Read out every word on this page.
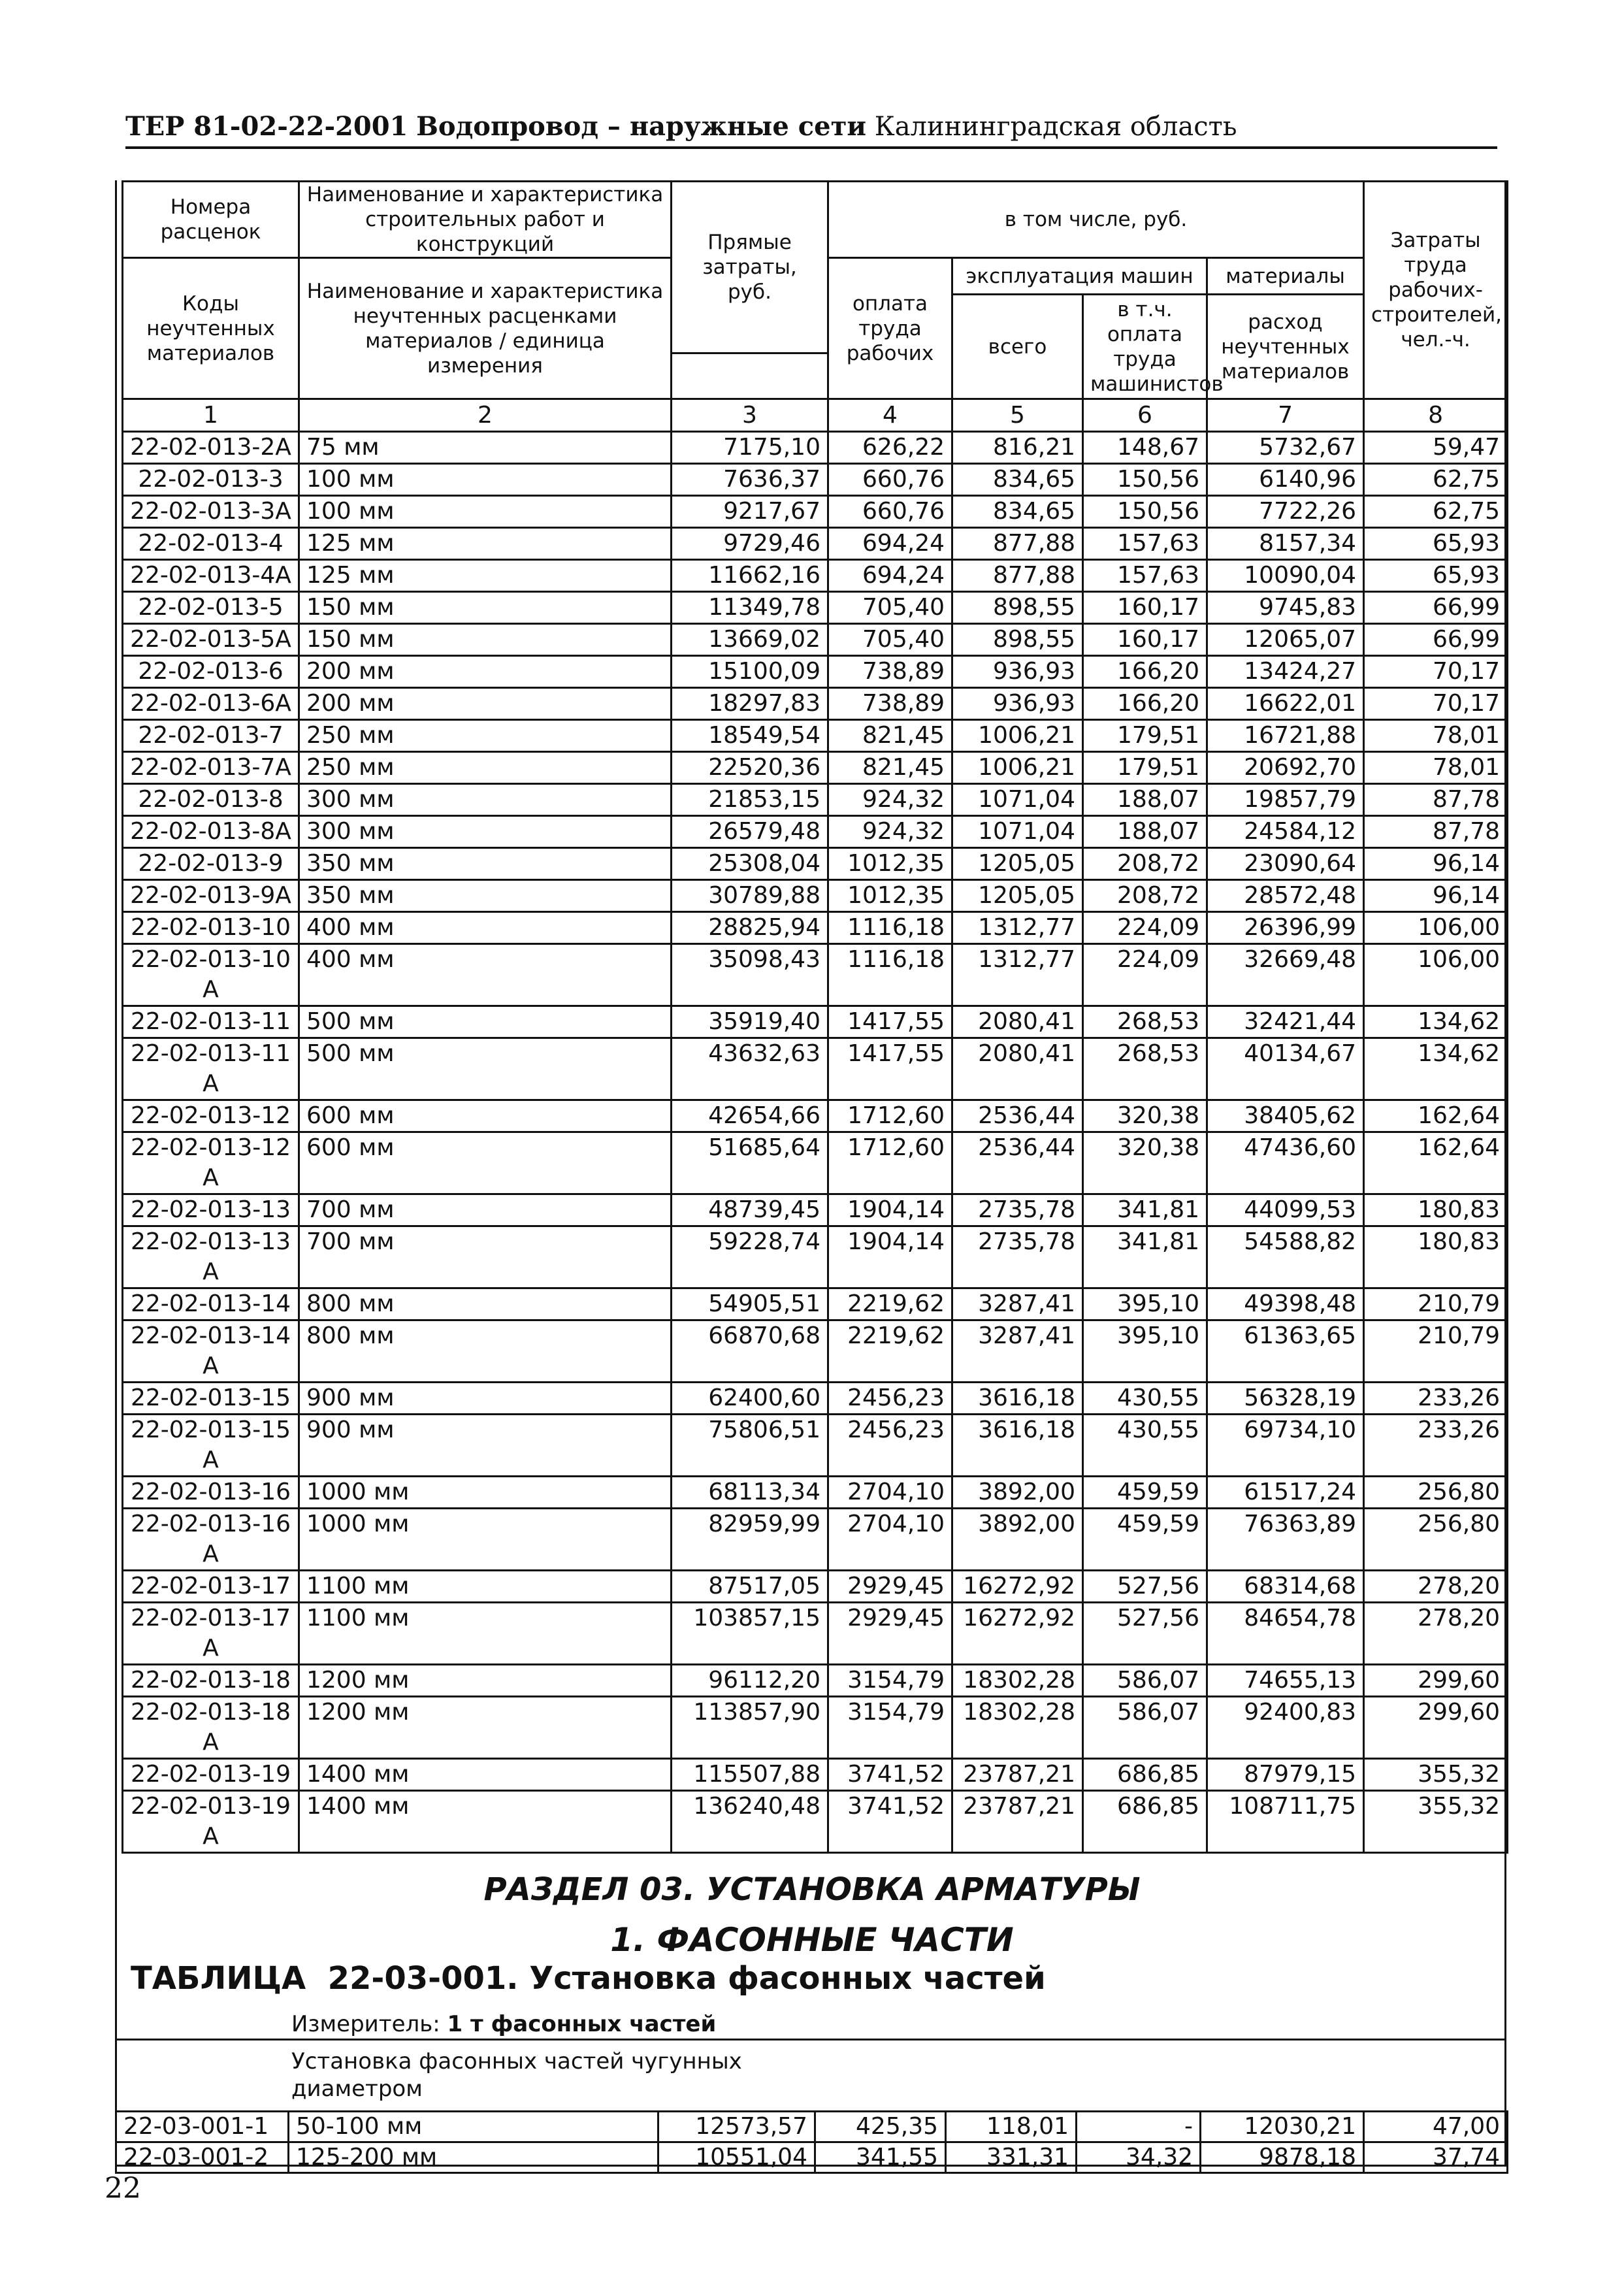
ТЕР 81-02-22-2001 Водопровод – наружные сети Калининградская область
Номера расценок	Наименование и характеристика строительных работ и конструкций	Прямые затраты, руб.	в том числе, руб.				Затраты труда рабочих-строителей, чел.-ч.
Коды неучтенных материалов	Наименование и характеристика неучтенных расценками материалов / единица измерения		оплата труда рабочих	эксплуатация машин		материалы	
				всего	в т.ч. оплата труда машинистов	расход неучтенных материалов	

1	2	3	4	5	6	7	8
22-02-013-2А	75 мм	7175,10	626,22	816,21	148,67	5732,67	59,47
22-02-013-3	100 мм	7636,37	660,76	834,65	150,56	6140,96	62,75
22-02-013-3А	100 мм	9217,67	660,76	834,65	150,56	7722,26	62,75
22-02-013-4	125 мм	9729,46	694,24	877,88	157,63	8157,34	65,93
22-02-013-4А	125 мм	11662,16	694,24	877,88	157,63	10090,04	65,93
22-02-013-5	150 мм	11349,78	705,40	898,55	160,17	9745,83	66,99
22-02-013-5А	150 мм	13669,02	705,40	898,55	160,17	12065,07	66,99
22-02-013-6	200 мм	15100,09	738,89	936,93	166,20	13424,27	70,17
22-02-013-6А	200 мм	18297,83	738,89	936,93	166,20	16622,01	70,17
22-02-013-7	250 мм	18549,54	821,45	1006,21	179,51	16721,88	78,01
22-02-013-7А	250 мм	22520,36	821,45	1006,21	179,51	20692,70	78,01
22-02-013-8	300 мм	21853,15	924,32	1071,04	188,07	19857,79	87,78
22-02-013-8А	300 мм	26579,48	924,32	1071,04	188,07	24584,12	87,78
22-02-013-9	350 мм	25308,04	1012,35	1205,05	208,72	23090,64	96,14
22-02-013-9А	350 мм	30789,88	1012,35	1205,05	208,72	28572,48	96,14
22-02-013-10	400 мм	28825,94	1116,18	1312,77	224,09	26396,99	106,00
22-02-013-10А	400 мм	35098,43	1116,18	1312,77	224,09	32669,48	106,00
22-02-013-11	500 мм	35919,40	1417,55	2080,41	268,53	32421,44	134,62
22-02-013-11А	500 мм	43632,63	1417,55	2080,41	268,53	40134,67	134,62
22-02-013-12	600 мм	42654,66	1712,60	2536,44	320,38	38405,62	162,64
22-02-013-12А	600 мм	51685,64	1712,60	2536,44	320,38	47436,60	162,64
22-02-013-13	700 мм	48739,45	1904,14	2735,78	341,81	44099,53	180,83
22-02-013-13А	700 мм	59228,74	1904,14	2735,78	341,81	54588,82	180,83
22-02-013-14	800 мм	54905,51	2219,62	3287,41	395,10	49398,48	210,79
22-02-013-14А	800 мм	66870,68	2219,62	3287,41	395,10	61363,65	210,79
22-02-013-15	900 мм	62400,60	2456,23	3616,18	430,55	56328,19	233,26
22-02-013-15А	900 мм	75806,51	2456,23	3616,18	430,55	69734,10	233,26
22-02-013-16	1000 мм	68113,34	2704,10	3892,00	459,59	61517,24	256,80
22-02-013-16А	1000 мм	82959,99	2704,10	3892,00	459,59	76363,89	256,80
22-02-013-17	1100 мм	87517,05	2929,45	16272,92	527,56	68314,68	278,20
22-02-013-17А	1100 мм	103857,15	2929,45	16272,92	527,56	84654,78	278,20
22-02-013-18	1200 мм	96112,20	3154,79	18302,28	586,07	74655,13	299,60
22-02-013-18А	1200 мм	113857,90	3154,79	18302,28	586,07	92400,83	299,60
22-02-013-19	1400 мм	115507,88	3741,52	23787,21	686,85	87979,15	355,32
22-02-013-19А	1400 мм	136240,48	3741,52	23787,21	686,85	108711,75	355,32
РАЗДЕЛ 03. УСТАНОВКА АРМАТУРЫ
1. ФАСОННЫЕ ЧАСТИ
ТАБЛИЦА 22-03-001. Установка фасонных частей
Измеритель: 1 т фасонных частей
Установка фасонных частей чугунных диаметром
22-03-001-1	50-100 мм	12573,57	425,35	118,01	-	12030,21	47,00
22-03-001-2	125-200 мм	10551,04	341,55	331,31	34,32	9878,18	37,74
22
